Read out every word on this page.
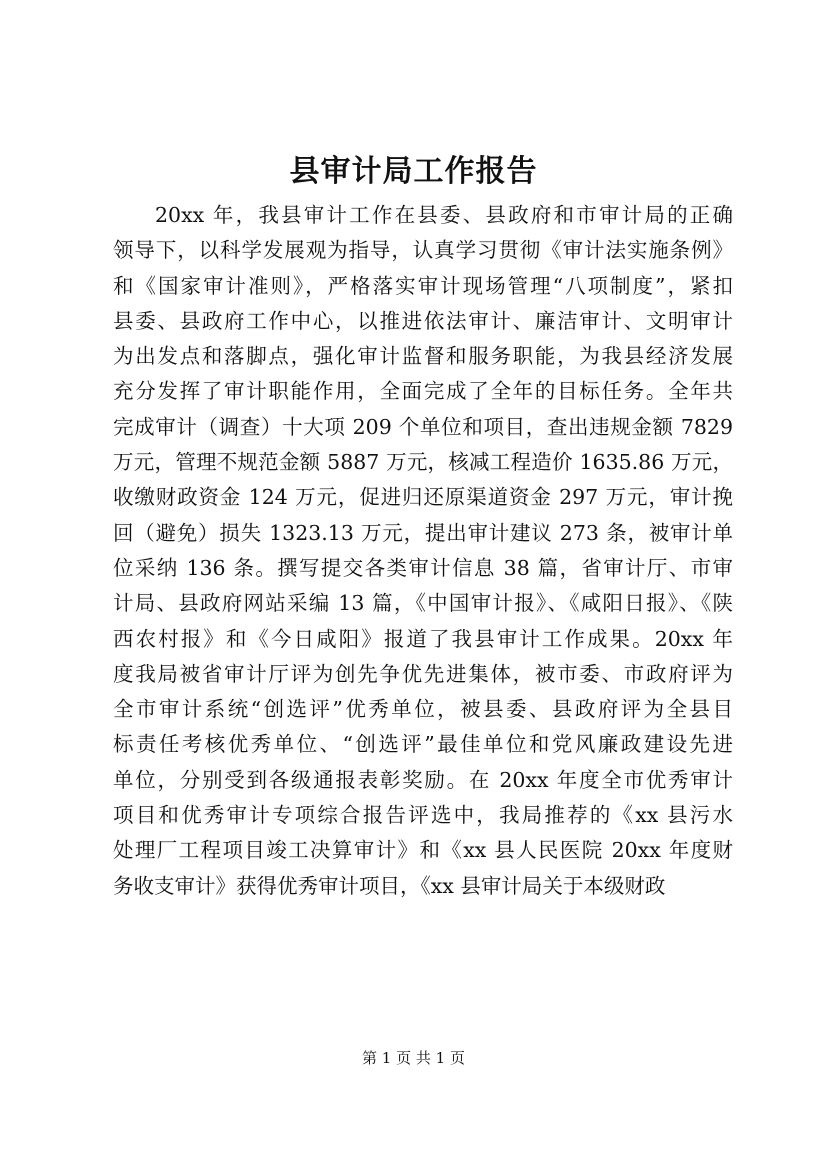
县审计局工作报告
20xx 年，我县审计工作在县委、县政府和市审计局的正确
领导下，以科学发展观为指导，认真学习贯彻《审计法实施条例》
和《国家审计准则》，严格落实审计现场管理“八项制度”，紧扣
县委、县政府工作中心，以推进依法审计、廉洁审计、文明审计
为出发点和落脚点，强化审计监督和服务职能，为我县经济发展
充分发挥了审计职能作用，全面完成了全年的目标任务。全年共
完成审计（调查）十大项 209 个单位和项目，查出违规金额 7829
万元，管理不规范金额 5887 万元，核减工程造价 1635.86 万元，
收缴财政资金 124 万元，促进归还原渠道资金 297 万元，审计挽
回（避免）损失 1323.13 万元，提出审计建议 273 条，被审计单
位采纳 136 条。撰写提交各类审计信息 38 篇，省审计厅、市审
计局、县政府网站采编 13 篇，《中国审计报》、《咸阳日报》、《陕
西农村报》和《今日咸阳》报道了我县审计工作成果。20xx 年
度我局被省审计厅评为创先争优先进集体，被市委、市政府评为
全市审计系统“创选评”优秀单位，被县委、县政府评为全县目
标责任考核优秀单位、“创选评”最佳单位和党风廉政建设先进
单位，分别受到各级通报表彰奖励。在 20xx 年度全市优秀审计
项目和优秀审计专项综合报告评选中，我局推荐的《xx 县污水
处理厂工程项目竣工决算审计》和《xx 县人民医院 20xx 年度财
务收支审计》获得优秀审计项目，《xx 县审计局关于本级财政
第 1 页 共 1 页
